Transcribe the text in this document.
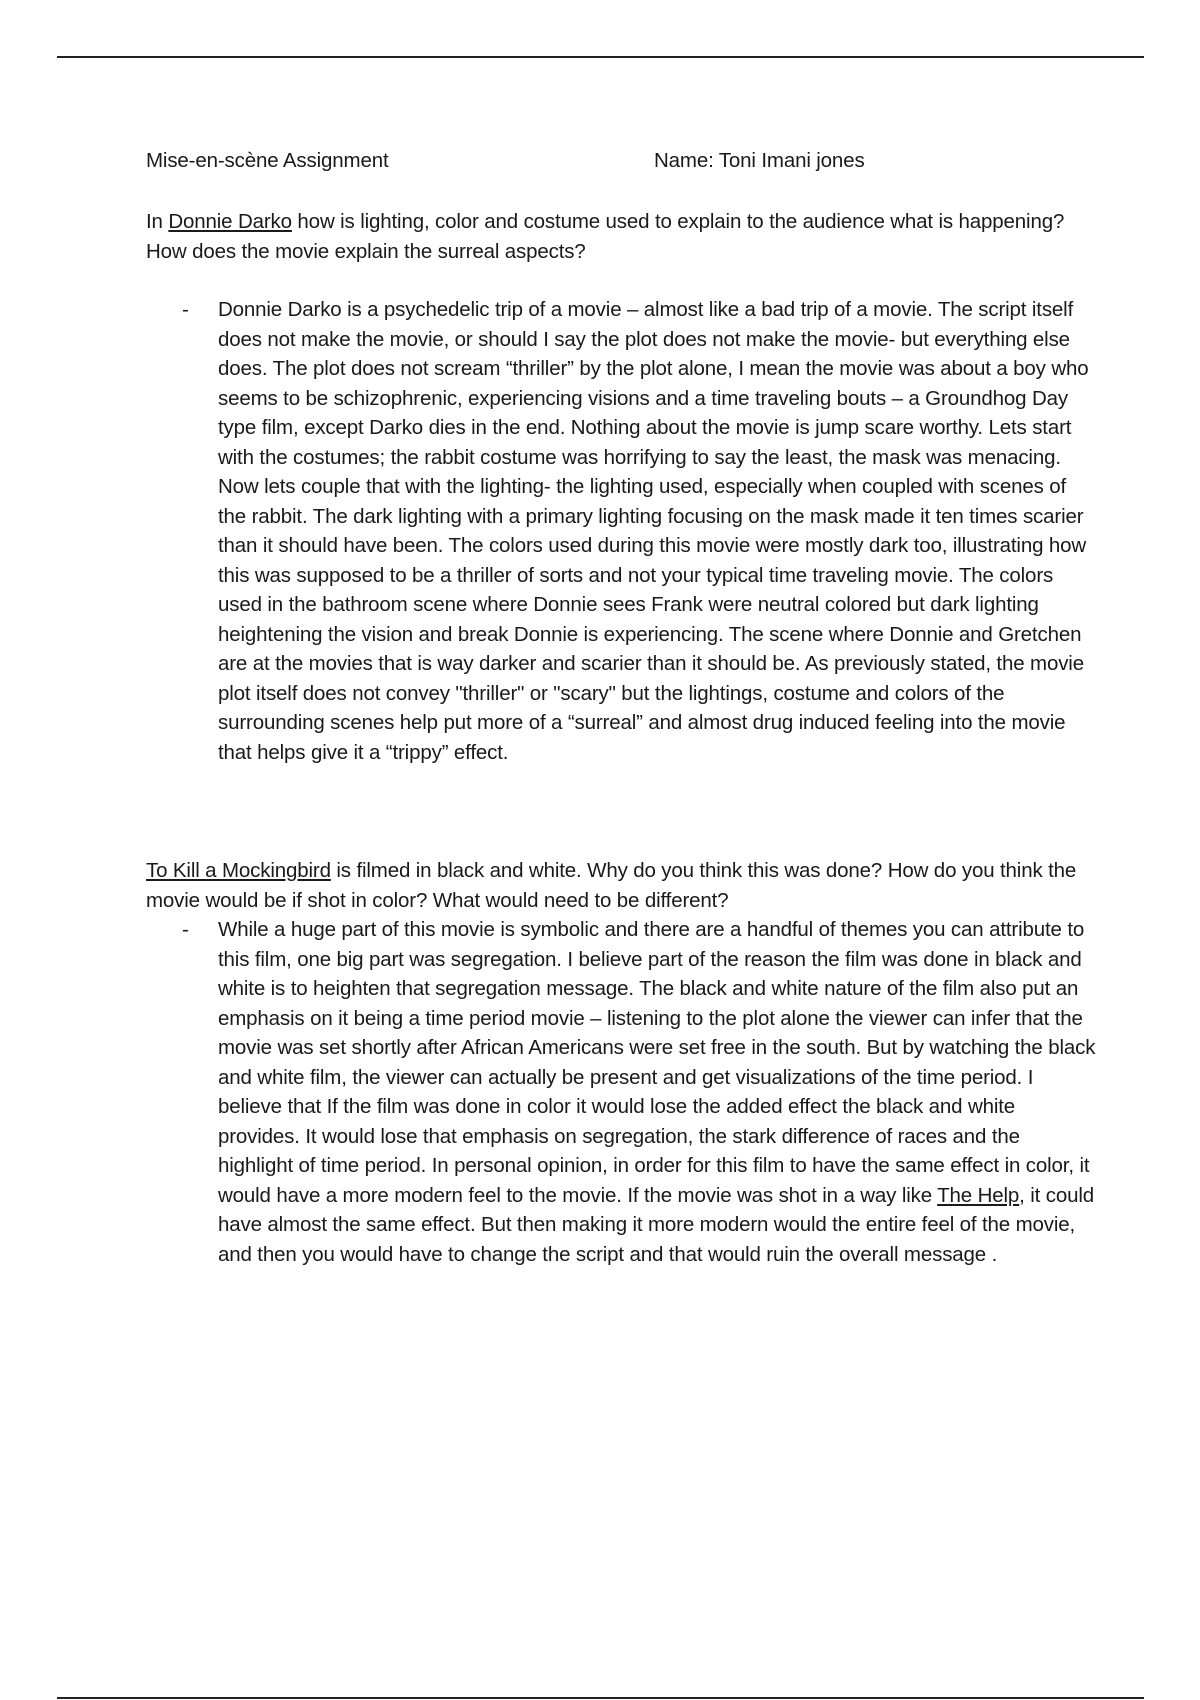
Mise-en-scène Assignment	Name: Toni Imani jones

In Donnie Darko how is lighting, color and costume used to explain to the audience what is happening? How does the movie explain the surreal aspects?

- Donnie Darko is a psychedelic trip of a movie – almost like a bad trip of a movie. The script itself does not make the movie, or should I say the plot does not make the movie- but everything else does. The plot does not scream “thriller” by the plot alone, I mean the movie was about a boy who seems to be schizophrenic, experiencing visions and a time traveling bouts – a Groundhog Day type film, except Darko dies in the end. Nothing about the movie is jump scare worthy. Lets start with the costumes; the rabbit costume was horrifying to say the least, the mask was menacing. Now lets couple that with the lighting- the lighting used, especially when coupled with scenes of the rabbit. The dark lighting with a primary lighting focusing on the mask made it ten times scarier than it should have been. The colors used during this movie were mostly dark too, illustrating how this was supposed to be a thriller of sorts and not your typical time traveling movie. The colors used in the bathroom scene where Donnie sees Frank were neutral colored but dark lighting heightening the vision and break Donnie is experiencing. The scene where Donnie and Gretchen are at the movies that is way darker and scarier than it should be. As previously stated, the movie plot itself does not convey "thriller" or "scary" but the lightings, costume and colors of the surrounding scenes help put more of a “surreal” and almost drug induced feeling into the movie that helps give it a “trippy” effect.

To Kill a Mockingbird is filmed in black and white. Why do you think this was done? How do you think the movie would be if shot in color? What would need to be different?

- While a huge part of this movie is symbolic and there are a handful of themes you can attribute to this film, one big part was segregation. I believe part of the reason the film was done in black and white is to heighten that segregation message. The black and white nature of the film also put an emphasis on it being a time period movie – listening to the plot alone the viewer can infer that the movie was set shortly after African Americans were set free in the south. But by watching the black and white film, the viewer can actually be present and get visualizations of the time period. I believe that If the film was done in color it would lose the added effect the black and white provides. It would lose that emphasis on segregation, the stark difference of races and the highlight of time period. In personal opinion, in order for this film to have the same effect in color, it would have a more modern feel to the movie. If the movie was shot in a way like The Help, it could have almost the same effect. But then making it more modern would the entire feel of the movie, and then you would have to change the script and that would ruin the overall message .
